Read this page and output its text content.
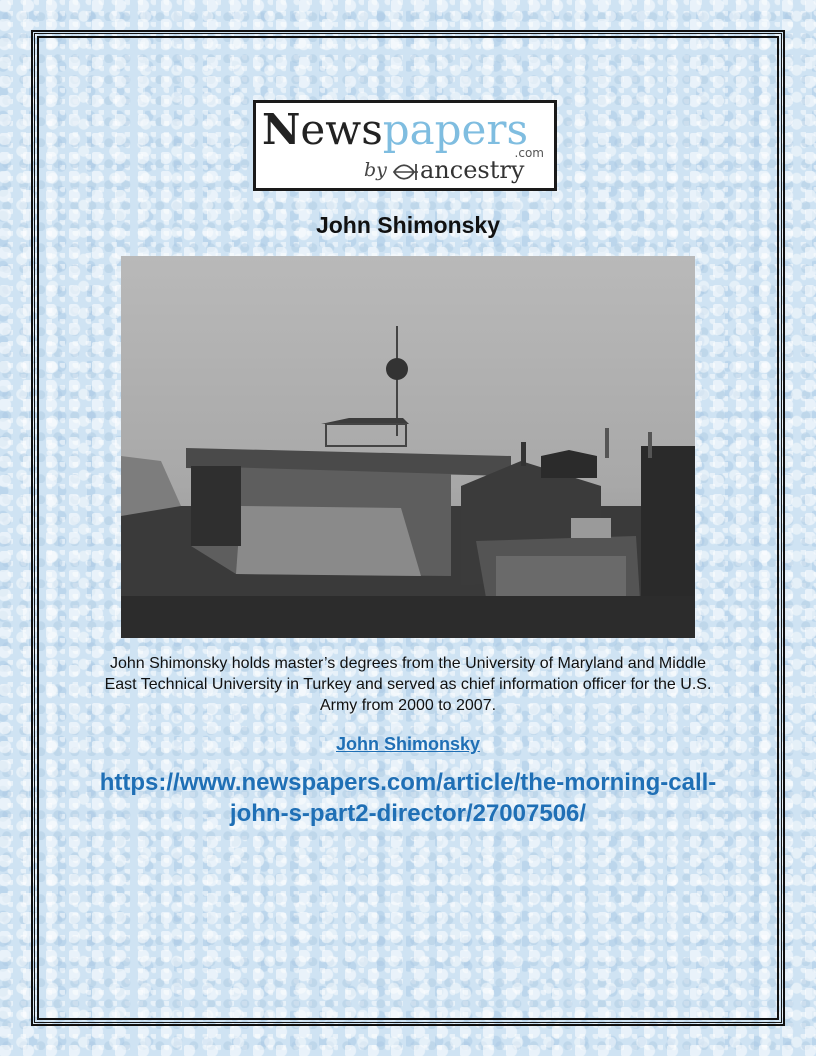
Newspapers
.com
by ancestry
John Shimonsky
John Shimonsky holds master’s degrees from the University of Maryland and Middle East Technical University in Turkey and served as chief information officer for the U.S. Army from 2000 to 2007.
John Shimonsky
https://www.newspapers.com/article/the-morning-call-john-s-part2-director/27007506/
